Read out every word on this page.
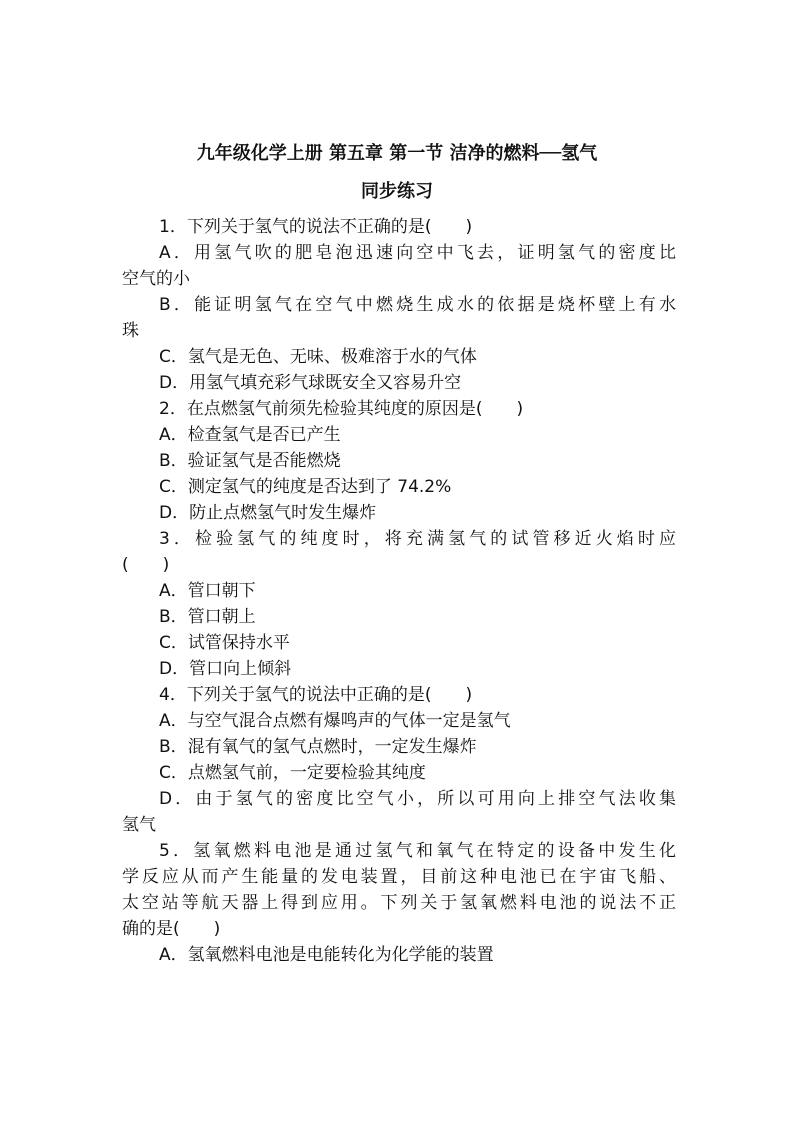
九年级化学上册 第五章 第一节 洁净的燃料──氢气
同步练习
1．下列关于氢气的说法不正确的是(　　)
A．用氢气吹的肥皂泡迅速向空中飞去，证明氢气的密度比
空气的小
B．能证明氢气在空气中燃烧生成水的依据是烧杯壁上有水
珠
C．氢气是无色、无味、极难溶于水的气体
D．用氢气填充彩气球既安全又容易升空
2．在点燃氢气前须先检验其纯度的原因是(　　)
A．检查氢气是否已产生
B．验证氢气是否能燃烧
C．测定氢气的纯度是否达到了 74.2%
D．防止点燃氢气时发生爆炸
3．检验氢气的纯度时，将充满氢气的试管移近火焰时应
(　　)
A．管口朝下
B．管口朝上
C．试管保持水平
D．管口向上倾斜
4．下列关于氢气的说法中正确的是(　　)
A．与空气混合点燃有爆鸣声的气体一定是氢气
B．混有氧气的氢气点燃时，一定发生爆炸
C．点燃氢气前，一定要检验其纯度
D．由于氢气的密度比空气小，所以可用向上排空气法收集
氢气
5．氢氧燃料电池是通过氢气和氧气在特定的设备中发生化
学反应从而产生能量的发电装置，目前这种电池已在宇宙飞船、
太空站等航天器上得到应用。下列关于氢氧燃料电池的说法不正
确的是(　　)
A．氢氧燃料电池是电能转化为化学能的装置
